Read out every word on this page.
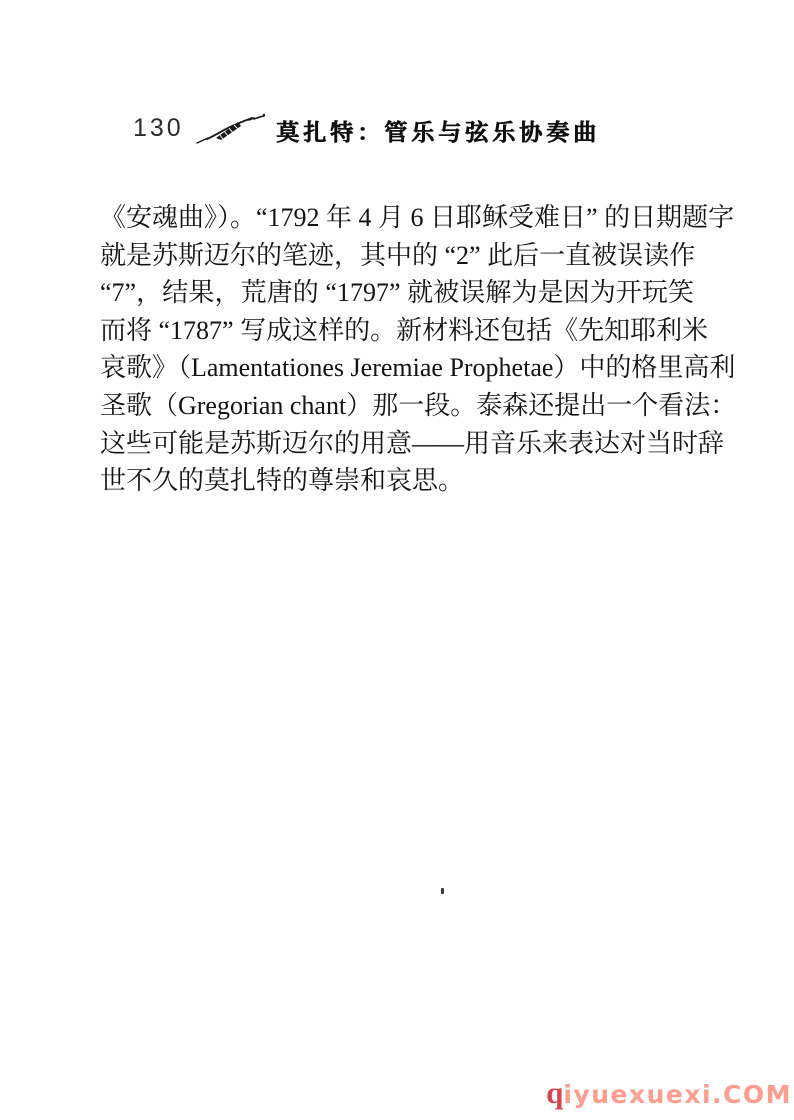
130	莫扎特：管乐与弦乐协奏曲
《安魂曲》）。“1792 年 4 月 6 日耶稣受难日” 的日期题字
就是苏斯迈尔的笔迹，其中的 “2” 此后一直被误读作
“7”，结果，荒唐的 “1797” 就被误解为是因为开玩笑
而将 “1787” 写成这样的。新材料还包括《先知耶利米
哀歌》（Lamentationes Jeremiae Prophetae）中的格里高利
圣歌（Gregorian chant）那一段。泰森还提出一个看法：
这些可能是苏斯迈尔的用意——用音乐来表达对当时辞
世不久的莫扎特的尊崇和哀思。
qiyuexuexi.COM
